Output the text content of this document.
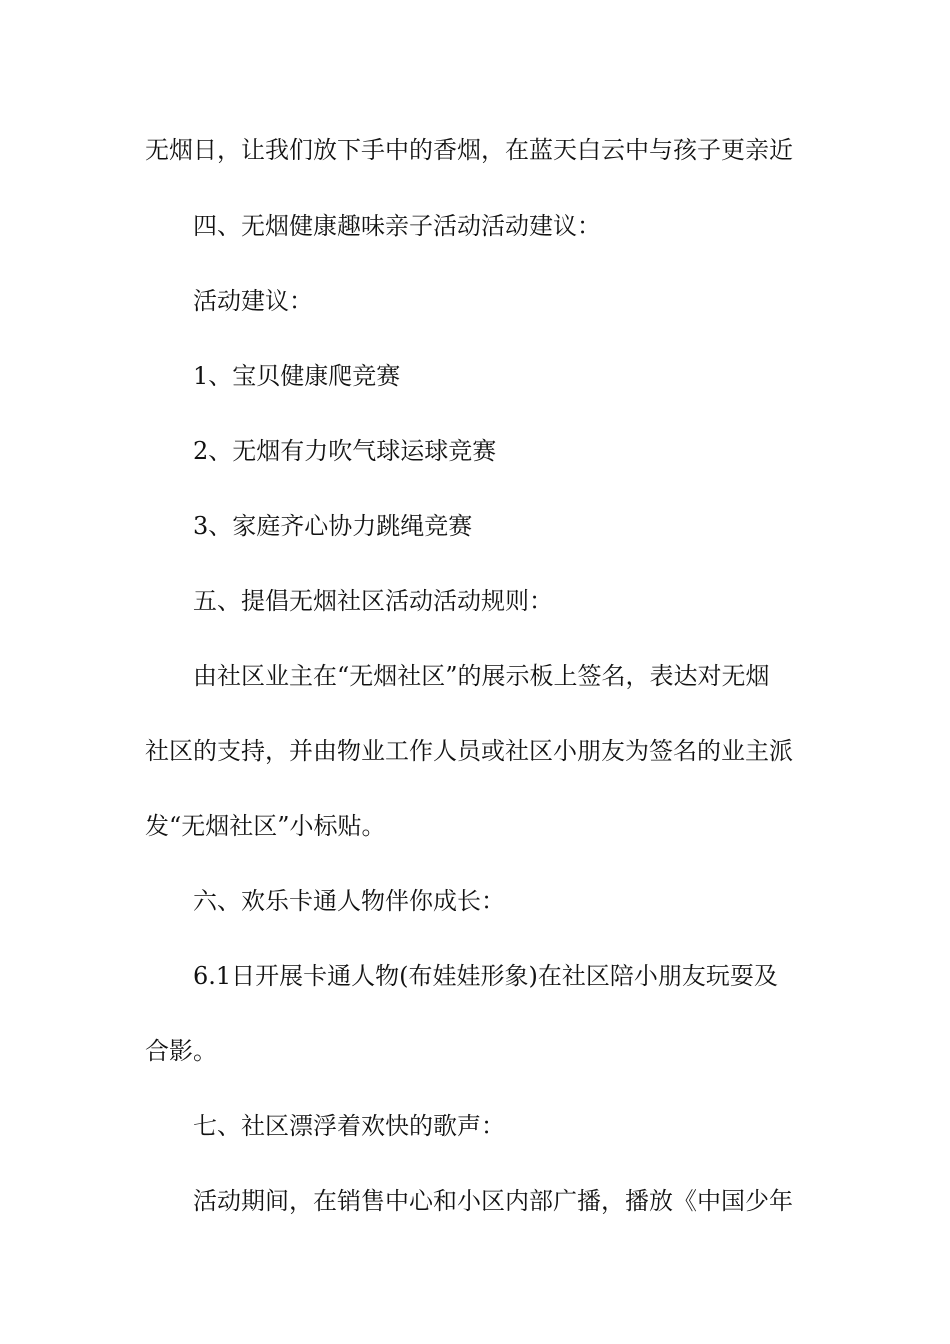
无烟日，让我们放下手中的香烟，在蓝天白云中与孩子更亲近

四、无烟健康趣味亲子活动活动建议：

活动建议：

1、宝贝健康爬竞赛

2、无烟有力吹气球运球竞赛

3、家庭齐心协力跳绳竞赛

五、提倡无烟社区活动活动规则：

由社区业主在“无烟社区”的展示板上签名，表达对无烟

社区的支持，并由物业工作人员或社区小朋友为签名的业主派

发“无烟社区”小标贴。

六、欢乐卡通人物伴你成长：

6.1日开展卡通人物(布娃娃形象)在社区陪小朋友玩耍及

合影。

七、社区漂浮着欢快的歌声：

活动期间，在销售中心和小区内部广播，播放《中国少年
